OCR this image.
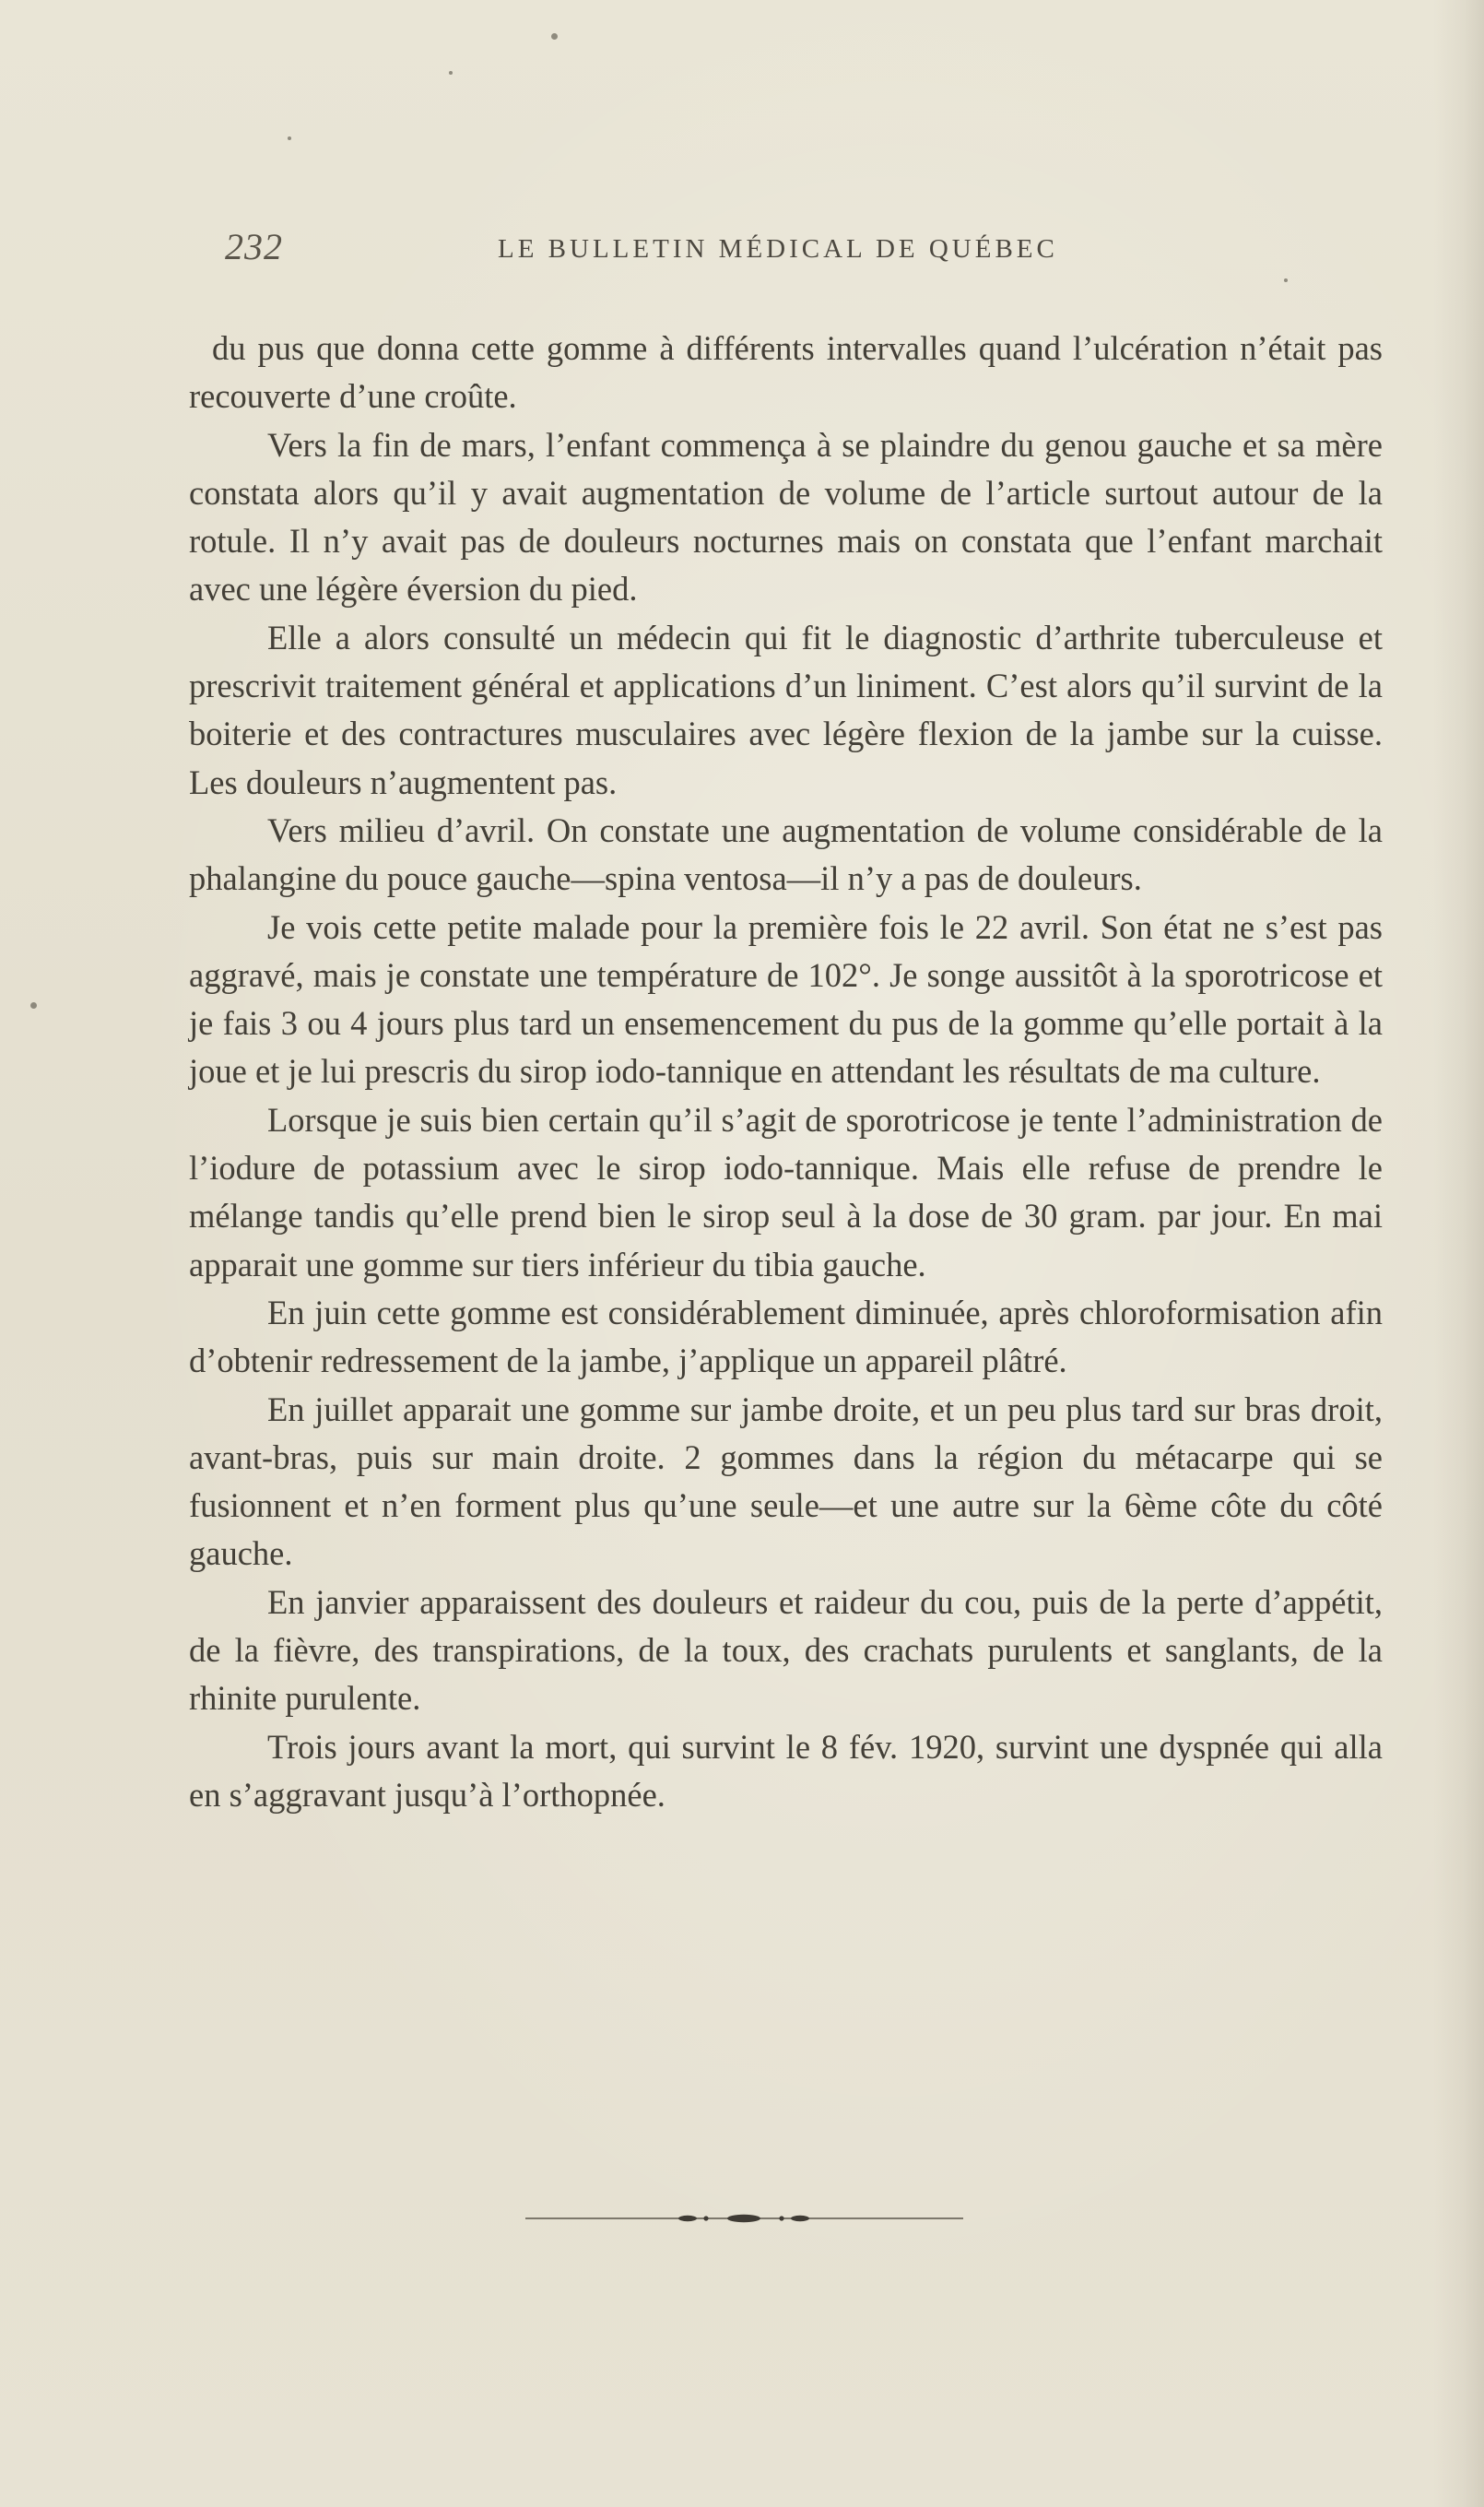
232	LE BULLETIN MÉDICAL DE QUÉBEC

du pus que donna cette gomme à différents intervalles quand l’ulcération n’était pas recouverte d’une croûte.

Vers la fin de mars, l’enfant commença à se plaindre du genou gauche et sa mère constata alors qu’il y avait augmentation de volume de l’article surtout autour de la rotule. Il n’y avait pas de douleurs nocturnes mais on constata que l’enfant marchait avec une légère éversion du pied.

Elle a alors consulté un médecin qui fit le diagnostic d’arthrite tuberculeuse et prescrivit traitement général et applications d’un liniment. C’est alors qu’il survint de la boiterie et des contractures musculaires avec légère flexion de la jambe sur la cuisse. Les douleurs n’augmentent pas.

Vers milieu d’avril. On constate une augmentation de volume considérable de la phalangine du pouce gauche—spina ventosa—il n’y a pas de douleurs.

Je vois cette petite malade pour la première fois le 22 avril. Son état ne s’est pas aggravé, mais je constate une température de 102°. Je songe aussitôt à la sporotricose et je fais 3 ou 4 jours plus tard un ensemencement du pus de la gomme qu’elle portait à la joue et je lui prescris du sirop iodo-tannique en attendant les résultats de ma culture.

Lorsque je suis bien certain qu’il s’agit de sporotricose je tente l’administration de l’iodure de potassium avec le sirop iodo-tannique. Mais elle refuse de prendre le mélange tandis qu’elle prend bien le sirop seul à la dose de 30 gram. par jour. En mai apparait une gomme sur tiers inférieur du tibia gauche.

En juin cette gomme est considérablement diminuée, après chloroformisation afin d’obtenir redressement de la jambe, j’applique un appareil plâtré.

En juillet apparait une gomme sur jambe droite, et un peu plus tard sur bras droit, avant-bras, puis sur main droite. 2 gommes dans la région du métacarpe qui se fusionnent et n’en forment plus qu’une seule—et une autre sur la 6ème côte du côté gauche.

En janvier apparaissent des douleurs et raideur du cou, puis de la perte d’appétit, de la fièvre, des transpirations, de la toux, des crachats purulents et sanglants, de la rhinite purulente.

Trois jours avant la mort, qui survint le 8 fév. 1920, survint une dyspnée qui alla en s’aggravant jusqu’à l’orthopnée.
